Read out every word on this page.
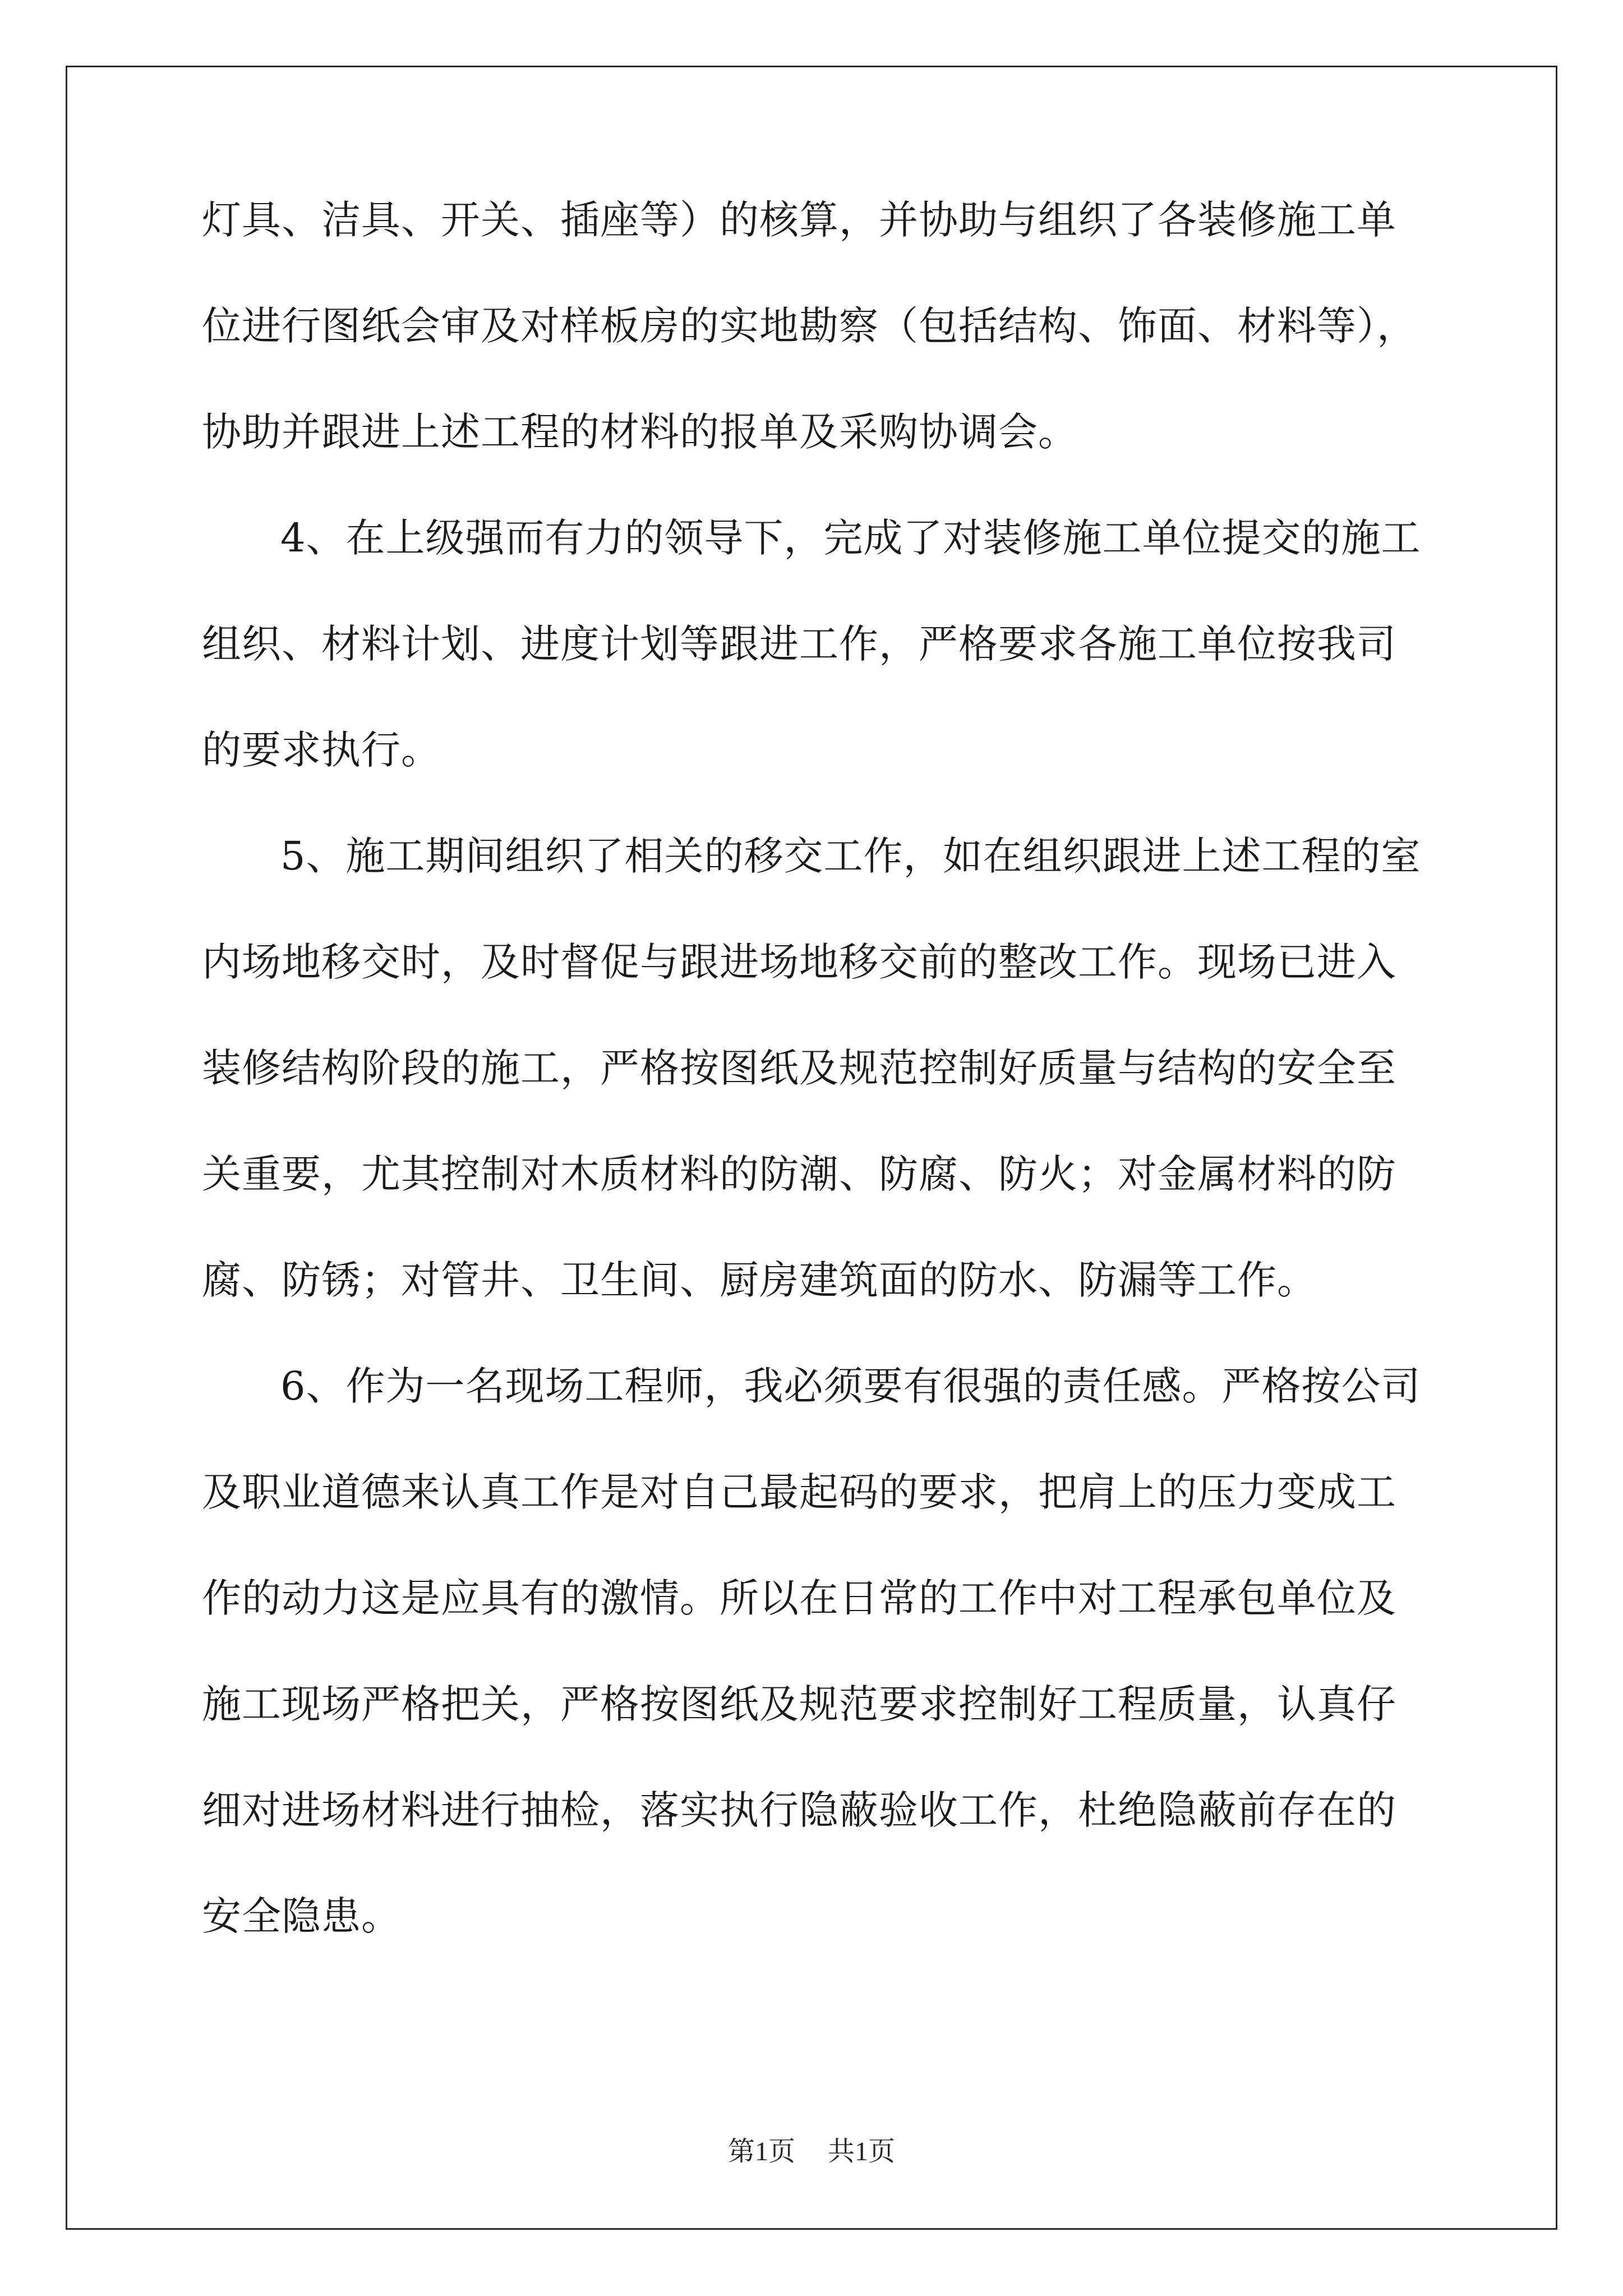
灯具、洁具、开关、插座等）的核算，并协助与组织了各装修施工单
位进行图纸会审及对样板房的实地勘察（包括结构、饰面、材料等），
协助并跟进上述工程的材料的报单及采购协调会。
4、在上级强而有力的领导下，完成了对装修施工单位提交的施工
组织、材料计划、进度计划等跟进工作，严格要求各施工单位按我司
的要求执行。
5、施工期间组织了相关的移交工作，如在组织跟进上述工程的室
内场地移交时，及时督促与跟进场地移交前的整改工作。现场已进入
装修结构阶段的施工，严格按图纸及规范控制好质量与结构的安全至
关重要，尤其控制对木质材料的防潮、防腐、防火；对金属材料的防
腐、防锈；对管井、卫生间、厨房建筑面的防水、防漏等工作。
6、作为一名现场工程师，我必须要有很强的责任感。严格按公司
及职业道德来认真工作是对自己最起码的要求，把肩上的压力变成工
作的动力这是应具有的激情。所以在日常的工作中对工程承包单位及
施工现场严格把关，严格按图纸及规范要求控制好工程质量，认真仔
细对进场材料进行抽检，落实执行隐蔽验收工作，杜绝隐蔽前存在的
安全隐患。
第1页 共1页
